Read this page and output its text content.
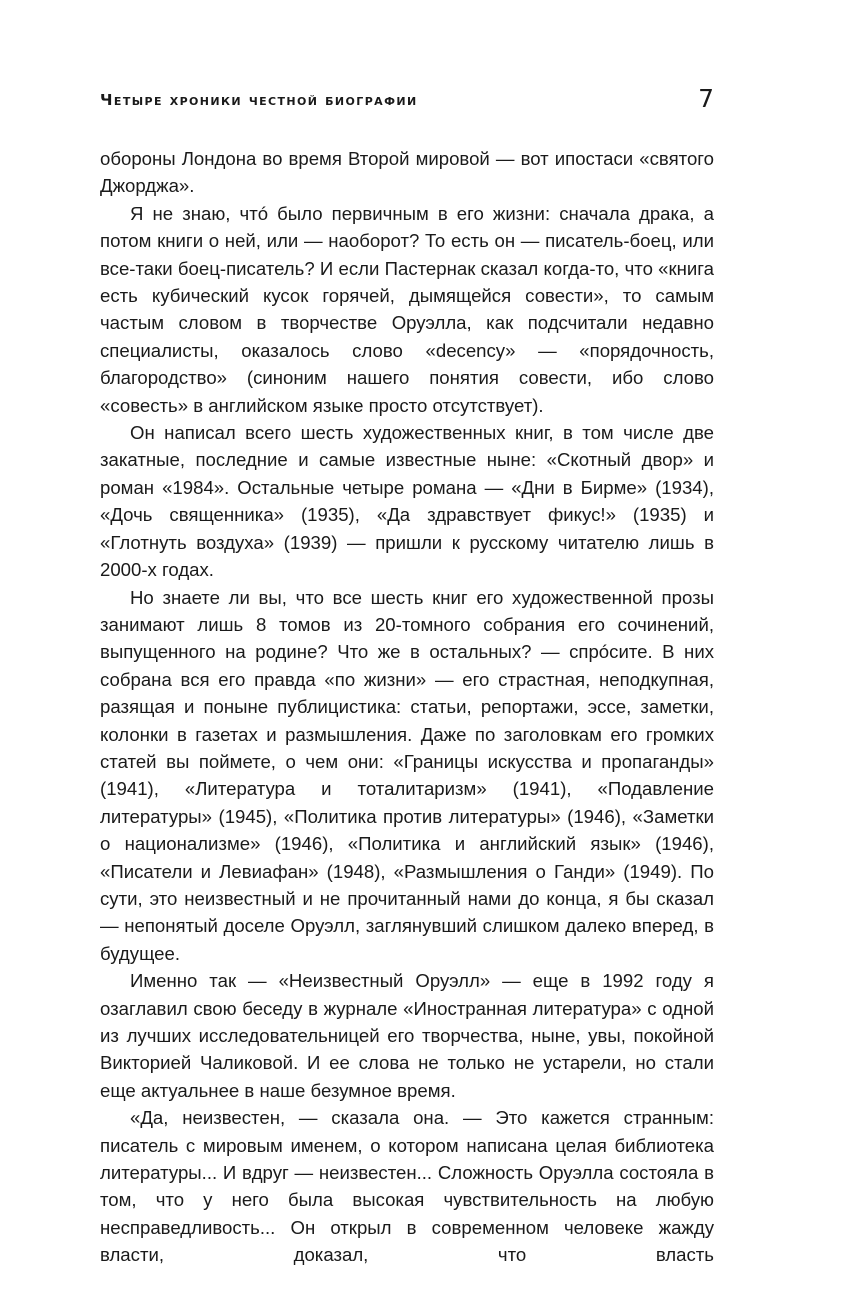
Четыре хроники честной биографии	7

обороны Лондона во время Второй мировой — вот ипостаси «святого Джорджа».

Я не знаю, чтó было первичным в его жизни: сначала драка, а потом книги о ней, или — наоборот? То есть он — писатель-боец, или все-таки боец-писатель? И если Пастернак сказал когда-то, что «книга есть кубический кусок горячей, дымящейся совести», то самым частым словом в творчестве Оруэлла, как подсчитали недавно специалисты, оказалось слово «decency» — «порядочность, благородство» (синоним нашего понятия совести, ибо слово «совесть» в английском языке просто отсутствует).

Он написал всего шесть художественных книг, в том числе две закатные, последние и самые известные ныне: «Скотный двор» и роман «1984». Остальные четыре романа — «Дни в Бирме» (1934), «Дочь священника» (1935), «Да здравствует фикус!» (1935) и «Глотнуть воздуха» (1939) — пришли к русскому читателю лишь в 2000-х годах.

Но знаете ли вы, что все шесть книг его художественной прозы занимают лишь 8 томов из 20-томного собрания его сочинений, выпущенного на родине? Что же в остальных? — спрóсите. В них собрана вся его правда «по жизни» — его страстная, неподкупная, разящая и поныне публицистика: статьи, репортажи, эссе, заметки, колонки в газетах и размышления. Даже по заголовкам его громких статей вы поймете, о чем они: «Границы искусства и пропаганды» (1941), «Литература и тоталитаризм» (1941), «Подавление литературы» (1945), «Политика против литературы» (1946), «Заметки о национализме» (1946), «Политика и английский язык» (1946), «Писатели и Левиафан» (1948), «Размышления о Ганди» (1949). По сути, это неизвестный и не прочитанный нами до конца, я бы сказал — непонятый доселе Оруэлл, заглянувший слишком далеко вперед, в будущее.

Именно так — «Неизвестный Оруэлл» — еще в 1992 году я озаглавил свою беседу в журнале «Иностранная литература» с одной из лучших исследовательницей его творчества, ныне, увы, покойной Викторией Чаликовой. И ее слова не только не устарели, но стали еще актуальнее в наше безумное время.

«Да, неизвестен, — сказала она. — Это кажется странным: писатель с мировым именем, о котором написана целая библиотека литературы... И вдруг — неизвестен... Сложность Оруэлла состояла в том, что у него была высокая чувствительность на любую несправедливость... Он открыл в современном человеке жажду власти, доказал, что власть
